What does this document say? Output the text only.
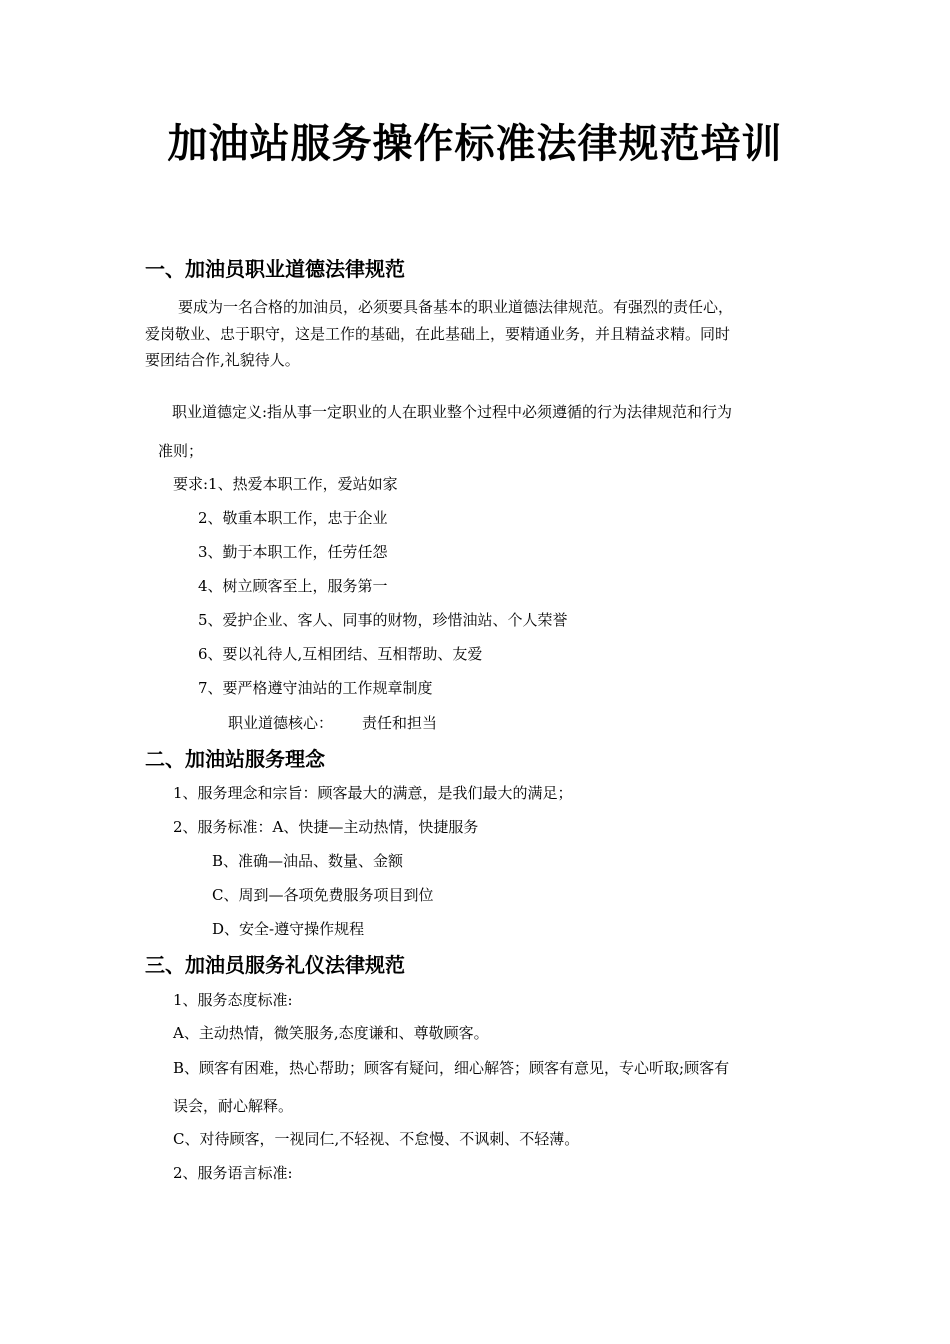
加油站服务操作标准法律规范培训
一、加油员职业道德法律规范
要成为一名合格的加油员，必须要具备基本的职业道德法律规范。有强烈的责任心，
爱岗敬业、忠于职守，这是工作的基础，在此基础上，要精通业务，并且精益求精。同时
要团结合作,礼貌待人。
职业道德定义:指从事一定职业的人在职业整个过程中必须遵循的行为法律规范和行为
准则；
要求:1、热爱本职工作，爱站如家
2、敬重本职工作，忠于企业
3、勤于本职工作，任劳任怨
4、树立顾客至上，服务第一
5、爱护企业、客人、同事的财物，珍惜油站、个人荣誉
6、要以礼待人,互相团结、互相帮助、友爱
7、要严格遵守油站的工作规章制度
职业道德核心： 责任和担当
二、加油站服务理念
1、服务理念和宗旨：顾客最大的满意，是我们最大的满足；
2、服务标准：A、快捷—主动热情，快捷服务
B、准确—油品、数量、金额
C、周到—各项免费服务项目到位
D、安全-遵守操作规程
三、加油员服务礼仪法律规范
1、服务态度标准:
A、主动热情，微笑服务,态度谦和、尊敬顾客。
B、顾客有困难，热心帮助；顾客有疑问，细心解答；顾客有意见，专心听取;顾客有
误会，耐心解释。
C、对待顾客，一视同仁,不轻视、不怠慢、不讽刺、不轻薄。
2、服务语言标准:
